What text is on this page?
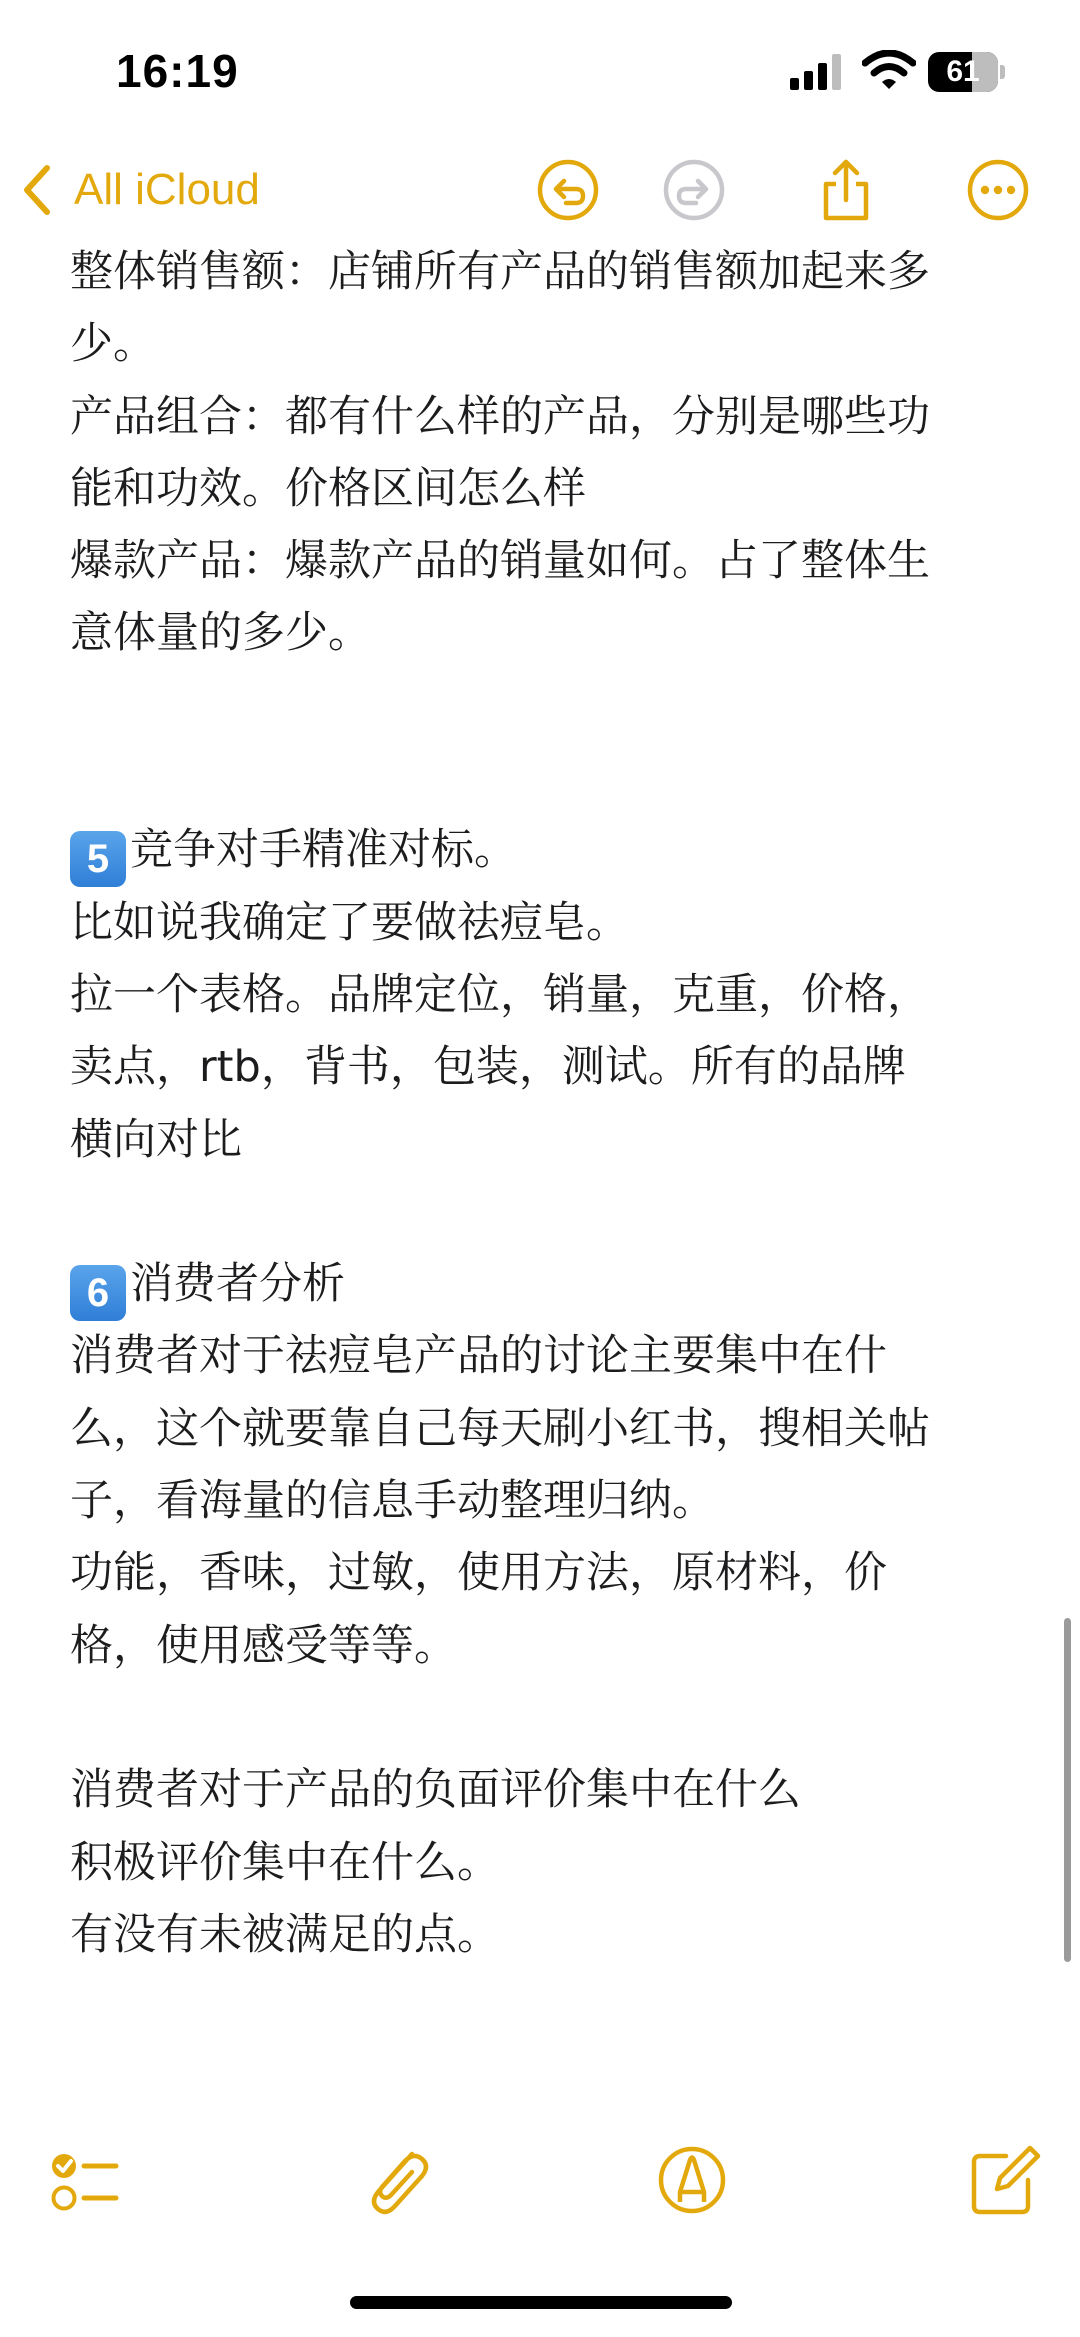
16:19	61
All iCloud
整体销售额：店铺所有产品的销售额加起来多
少。
产品组合：都有什么样的产品，分别是哪些功
能和功效。价格区间怎么样
爆款产品：爆款产品的销量如何。占了整体生
意体量的多少。
5 竞争对手精准对标。
比如说我确定了要做祛痘皂。
拉一个表格。品牌定位，销量，克重，价格，
卖点，rtb，背书，包装，测试。所有的品牌
横向对比
6 消费者分析
消费者对于祛痘皂产品的讨论主要集中在什
么，这个就要靠自己每天刷小红书，搜相关帖
子，看海量的信息手动整理归纳。
功能，香味，过敏，使用方法，原材料，价
格，使用感受等等。
消费者对于产品的负面评价集中在什么
积极评价集中在什么。
有没有未被满足的点。
